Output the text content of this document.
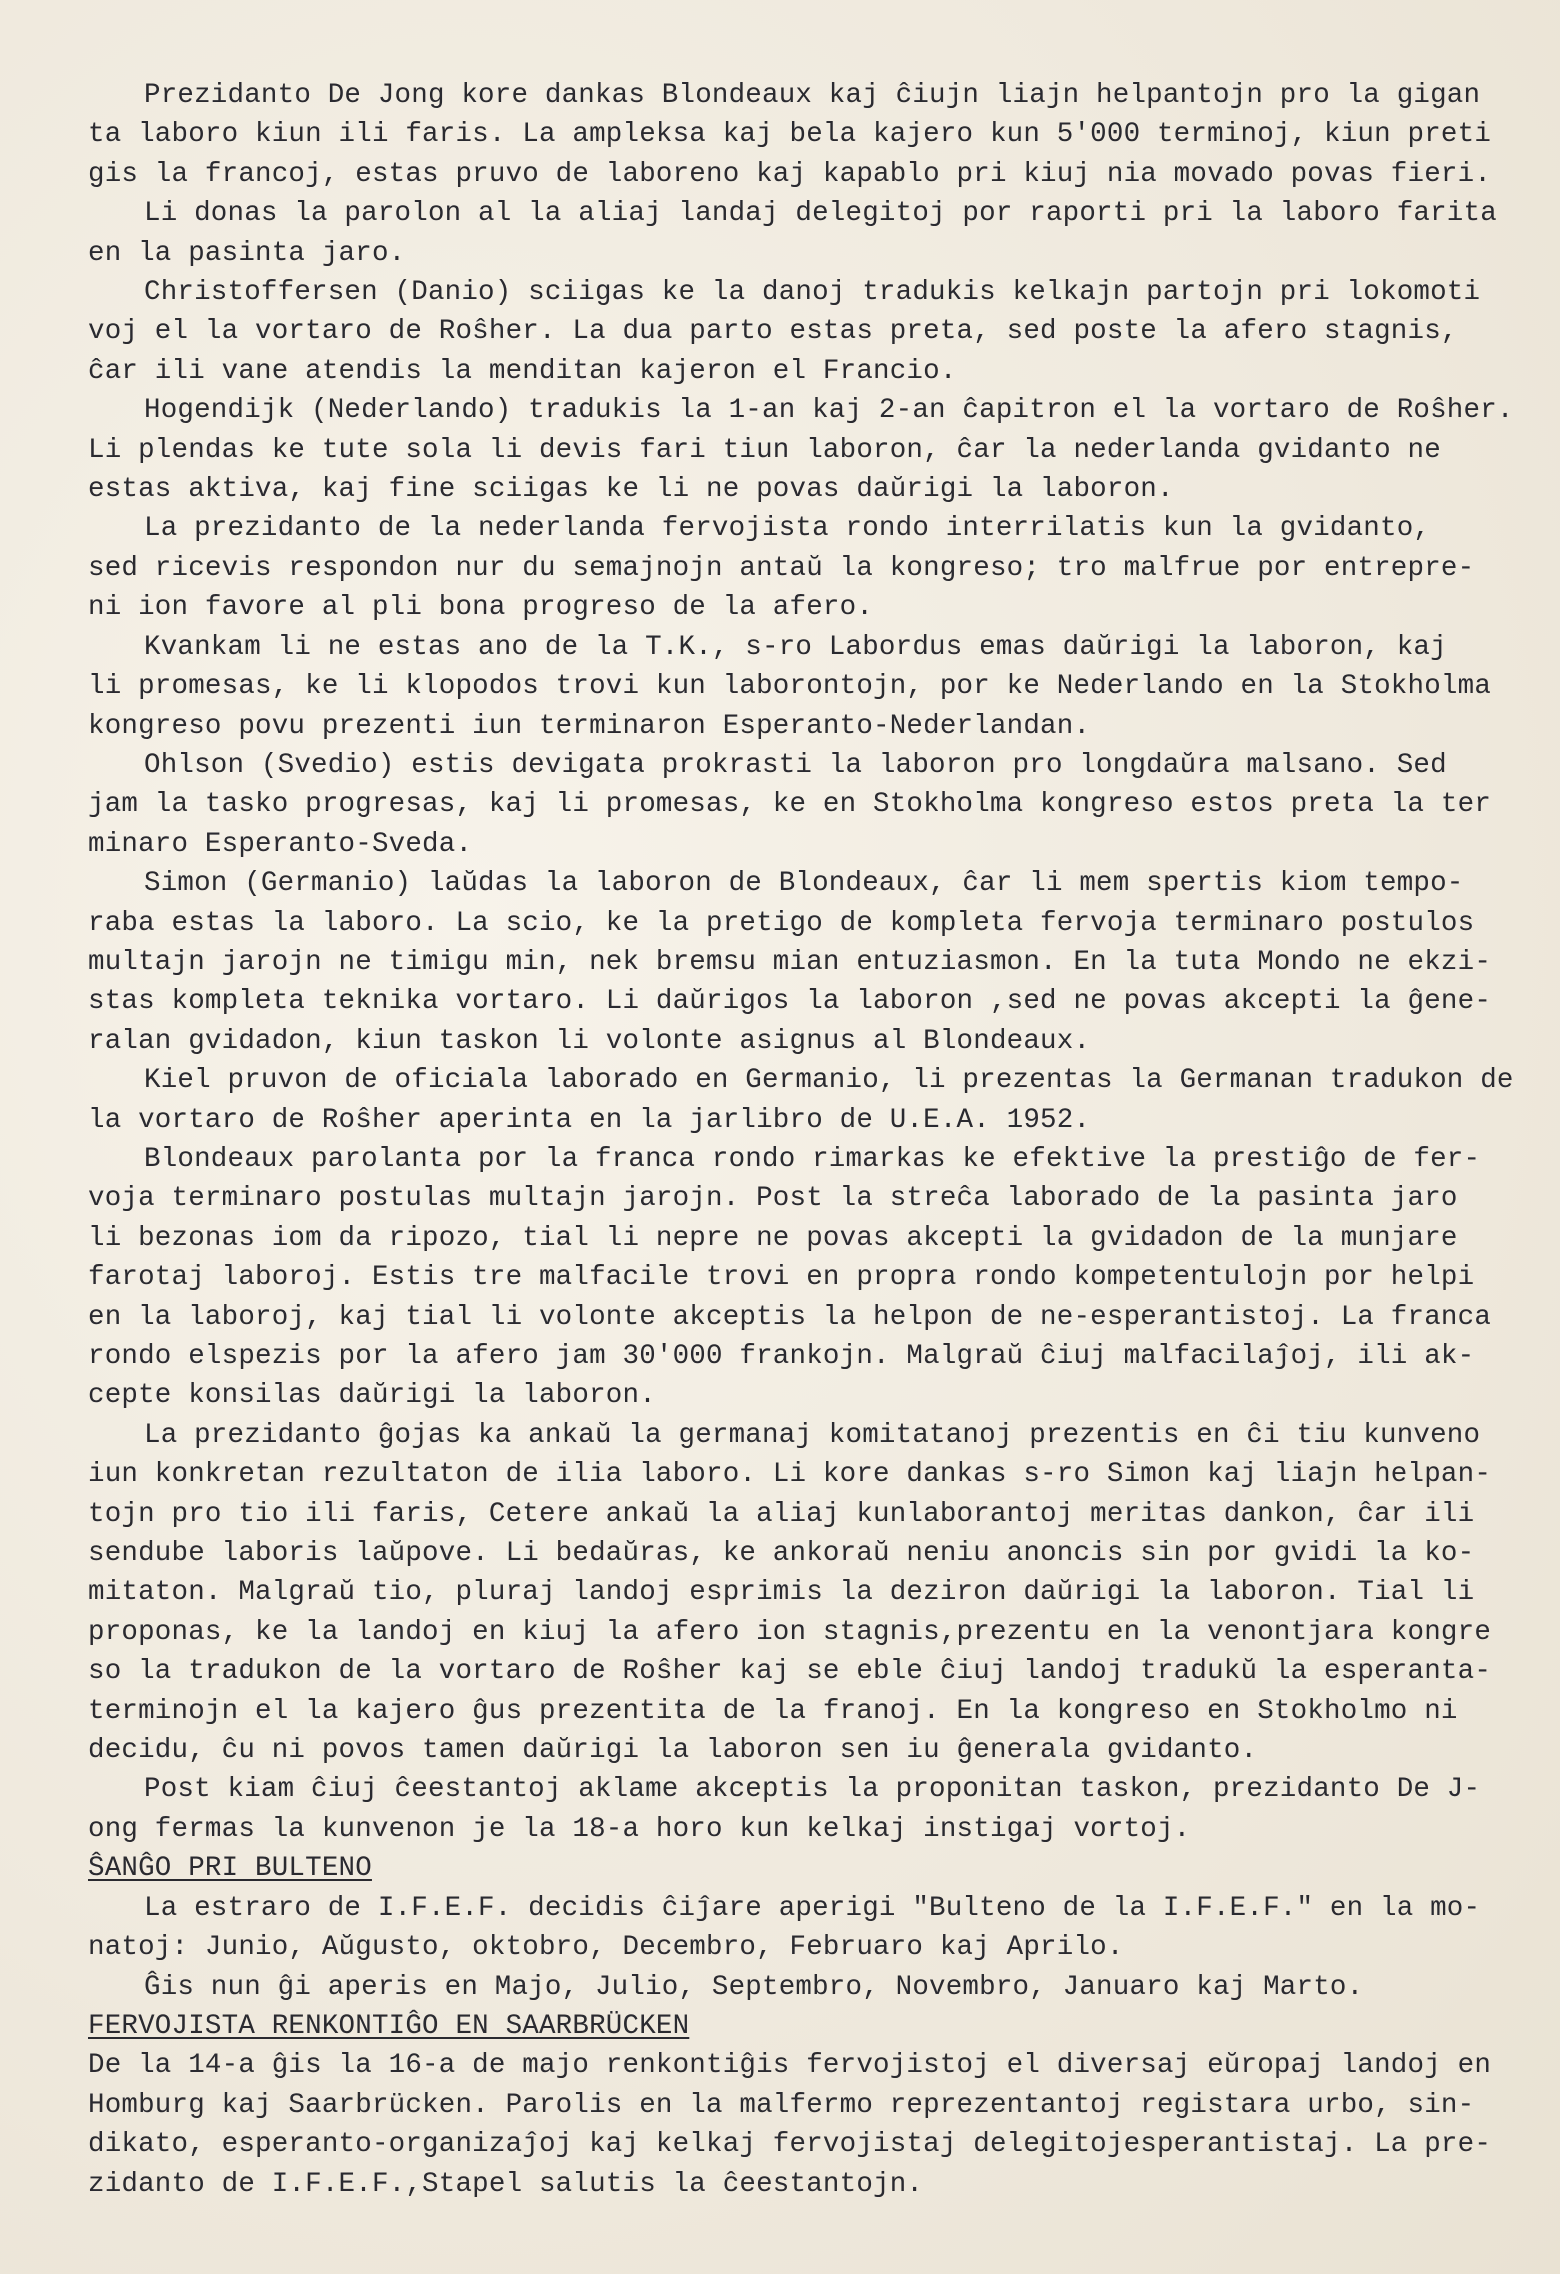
Prezidanto De Jong kore dankas Blondeaux kaj ĉiujn liajn helpantojn pro la gigan
ta laboro kiun ili faris. La ampleksa kaj bela kajero kun 5'000 terminoj, kiun preti
gis la francoj, estas pruvo de laboreno kaj kapablo pri kiuj nia movado povas fieri.
Li donas la parolon al la aliaj landaj delegitoj por raporti pri la laboro farita
en la pasinta jaro.
Christoffersen (Danio) sciigas ke la danoj tradukis kelkajn partojn pri lokomoti
voj el la vortaro de Roŝher. La dua parto estas preta, sed poste la afero stagnis,
ĉar ili vane atendis la menditan kajeron el Francio.
Hogendijk (Nederlando) tradukis la 1-an kaj 2-an ĉapitron el la vortaro de Roŝher.
Li plendas ke tute sola li devis fari tiun laboron, ĉar la nederlanda gvidanto ne
estas aktiva, kaj fine sciigas ke li ne povas daŭrigi la laboron.
La prezidanto de la nederlanda fervojista rondo interrilatis kun la gvidanto,
sed ricevis respondon nur du semajnojn antaŭ la kongreso; tro malfrue por entrepre-
ni ion favore al pli bona progreso de la afero.
Kvankam li ne estas ano de la T.K., s-ro Labordus emas daŭrigi la laboron, kaj
li promesas, ke li klopodos trovi kun laborontojn, por ke Nederlando en la Stokholma
kongreso povu prezenti iun terminaron Esperanto-Nederlandan.
Ohlson (Svedio) estis devigata prokrasti la laboron pro longdaŭra malsano. Sed
jam la tasko progresas, kaj li promesas, ke en Stokholma kongreso estos preta la ter
minaro Esperanto-Sveda.
Simon (Germanio) laŭdas la laboron de Blondeaux, ĉar li mem spertis kiom tempo-
raba estas la laboro. La scio, ke la pretigo de kompleta fervoja terminaro postulos
multajn jarojn ne timigu min, nek bremsu mian entuziasmon. En la tuta Mondo ne ekzi-
stas kompleta teknika vortaro. Li daŭrigos la laboron ,sed ne povas akcepti la ĝene-
ralan gvidadon, kiun taskon li volonte asignus al Blondeaux.
Kiel pruvon de oficiala laborado en Germanio, li prezentas la Germanan tradukon de
la vortaro de Roŝher aperinta en la jarlibro de U.E.A. 1952.
Blondeaux parolanta por la franca rondo rimarkas ke efektive la prestiĝo de fer-
voja terminaro postulas multajn jarojn. Post la streĉa laborado de la pasinta jaro
li bezonas iom da ripozo, tial li nepre ne povas akcepti la gvidadon de la munjare
farotaj laboroj. Estis tre malfacile trovi en propra rondo kompetentulojn por helpi
en la laboroj, kaj tial li volonte akceptis la helpon de ne-esperantistoj. La franca
rondo elspezis por la afero jam 30'000 frankojn. Malgraŭ ĉiuj malfacilaĵoj, ili ak-
cepte konsilas daŭrigi la laboron.
La prezidanto ĝojas ka ankaŭ la germanaj komitatanoj prezentis en ĉi tiu kunveno
iun konkretan rezultaton de ilia laboro. Li kore dankas s-ro Simon kaj liajn helpan-
tojn pro tio ili faris, Cetere ankaŭ la aliaj kunlaborantoj meritas dankon, ĉar ili
sendube laboris laŭpove. Li bedaŭras, ke ankoraŭ neniu anoncis sin por gvidi la ko-
mitaton. Malgraŭ tio, pluraj landoj esprimis la deziron daŭrigi la laboron. Tial li
proponas, ke la landoj en kiuj la afero ion stagnis,prezentu en la venontjara kongre
so la tradukon de la vortaro de Roŝher kaj se eble ĉiuj landoj tradukŭ la esperanta-
terminojn el la kajero ĝus prezentita de la franoj. En la kongreso en Stokholmo ni
decidu, ĉu ni povos tamen daŭrigi la laboron sen iu ĝenerala gvidanto.
Post kiam ĉiuj ĉeestantoj aklame akceptis la proponitan taskon, prezidanto De J-
ong fermas la kunvenon je la 18-a horo kun kelkaj instigaj vortoj.
ŜANĜO PRI BULTENO
La estraro de I.F.E.F. decidis ĉiĵare aperigi "Bulteno de la I.F.E.F." en la mo-
natoj: Junio, Aŭgusto, oktobro, Decembro, Februaro kaj Aprilo.
Ĝis nun ĝi aperis en Majo, Julio, Septembro, Novembro, Januaro kaj Marto.
FERVOJISTA RENKONTIĜO EN SAARBRÜCKEN
De la 14-a ĝis la 16-a de majo renkontiĝis fervojistoj el diversaj eŭropaj landoj en
Homburg kaj Saarbrücken. Parolis en la malfermo reprezentantoj registara urbo, sin-
dikato, esperanto-organizaĵoj kaj kelkaj fervojistaj delegitojesperantistaj. La pre-
zidanto de I.F.E.F.,Stapel salutis la ĉeestantojn.
